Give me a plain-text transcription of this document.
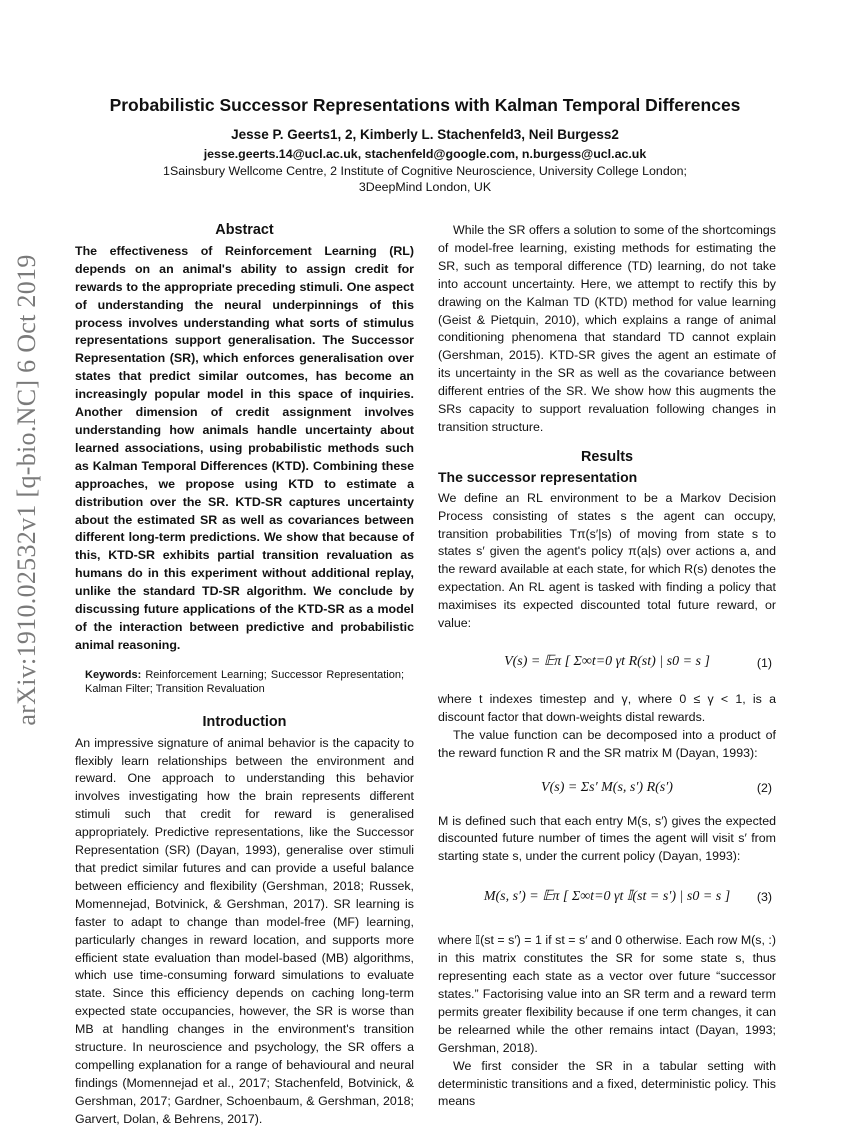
arXiv:1910.02532v1 [q-bio.NC] 6 Oct 2019
Probabilistic Successor Representations with Kalman Temporal Differences
Jesse P. Geerts1, 2, Kimberly L. Stachenfeld3, Neil Burgess2
jesse.geerts.14@ucl.ac.uk, stachenfeld@google.com, n.burgess@ucl.ac.uk
1Sainsbury Wellcome Centre, 2 Institute of Cognitive Neuroscience, University College London; 3DeepMind London, UK
Abstract

The effectiveness of Reinforcement Learning (RL) depends on an animal's ability to assign credit for rewards to the appropriate preceding stimuli. One aspect of understanding the neural underpinnings of this process involves understanding what sorts of stimulus representations support generalisation. The Successor Representation (SR), which enforces generalisation over states that predict similar outcomes, has become an increasingly popular model in this space of inquiries. Another dimension of credit assignment involves understanding how animals handle uncertainty about learned associations, using probabilistic methods such as Kalman Temporal Differences (KTD). Combining these approaches, we propose using KTD to estimate a distribution over the SR. KTD-SR captures uncertainty about the estimated SR as well as covariances between different long-term predictions. We show that because of this, KTD-SR exhibits partial transition revaluation as humans do in this experiment without additional replay, unlike the standard TD-SR algorithm. We conclude by discussing future applications of the KTD-SR as a model of the interaction between predictive and probabilistic animal reasoning.

Keywords: Reinforcement Learning; Successor Representation; Kalman Filter; Transition Revaluation
Introduction

An impressive signature of animal behavior is the capacity to flexibly learn relationships between the environment and reward. One approach to understanding this behavior involves investigating how the brain represents different stimuli such that credit for reward is generalised appropriately. Predictive representations, like the Successor Representation (SR) (Dayan, 1993), generalise over stimuli that predict similar futures and can provide a useful balance between efficiency and flexibility (Gershman, 2018; Russek, Momennejad, Botvinick, & Gershman, 2017). SR learning is faster to adapt to change than model-free (MF) learning, particularly changes in reward location, and supports more efficient state evaluation than model-based (MB) algorithms, which use time-consuming forward simulations to evaluate state. Since this efficiency depends on caching long-term expected state occupancies, however, the SR is worse than MB at handling changes in the environment's transition structure. In neuroscience and psychology, the SR offers a compelling explanation for a range of behavioural and neural findings (Momennejad et al., 2017; Stachenfeld, Botvinick, & Gershman, 2017; Gardner, Schoenbaum, & Gershman, 2018; Garvert, Dolan, & Behrens, 2017).

While the SR offers a solution to some of the shortcomings of model-free learning, existing methods for estimating the SR, such as temporal difference (TD) learning, do not take into account uncertainty. Here, we attempt to rectify this by drawing on the Kalman TD (KTD) method for value learning (Geist & Pietquin, 2010), which explains a range of animal conditioning phenomena that standard TD cannot explain (Gershman, 2015). KTD-SR gives the agent an estimate of its uncertainty in the SR as well as the covariance between different entries of the SR. We show how this augments the SRs capacity to support revaluation following changes in transition structure.

Results
The successor representation

We define an RL environment to be a Markov Decision Process consisting of states s the agent can occupy, transition probabilities Tπ(s′|s) of moving from state s to states s′ given the agent's policy π(a|s) over actions a, and the reward available at each state, for which R(s) denotes the expectation. An RL agent is tasked with finding a policy that maximises its expected discounted total future reward, or value:

V(s) = 𝔼π [ Σ∞t=0 γt R(st) | s0 = s ]	(1)

where t indexes timestep and γ, where 0 ≤ γ < 1, is a discount factor that down-weights distal rewards.

The value function can be decomposed into a product of the reward function R and the SR matrix M (Dayan, 1993):

V(s) = Σs′ M(s, s′) R(s′)	(2)

M is defined such that each entry M(s, s′) gives the expected discounted future number of times the agent will visit s′ from starting state s, under the current policy (Dayan, 1993):

M(s, s′) = 𝔼π [ Σ∞t=0 γt 𝕀(st = s′) | s0 = s ]	(3)

where 𝕀(st = s′) = 1 if st = s′ and 0 otherwise. Each row M(s, :) in this matrix constitutes the SR for some state s, thus representing each state as a vector over future “successor states.” Factorising value into an SR term and a reward term permits greater flexibility because if one term changes, it can be relearned while the other remains intact (Dayan, 1993; Gershman, 2018).

We first consider the SR in a tabular setting with deterministic transitions and a fixed, deterministic policy. This means
